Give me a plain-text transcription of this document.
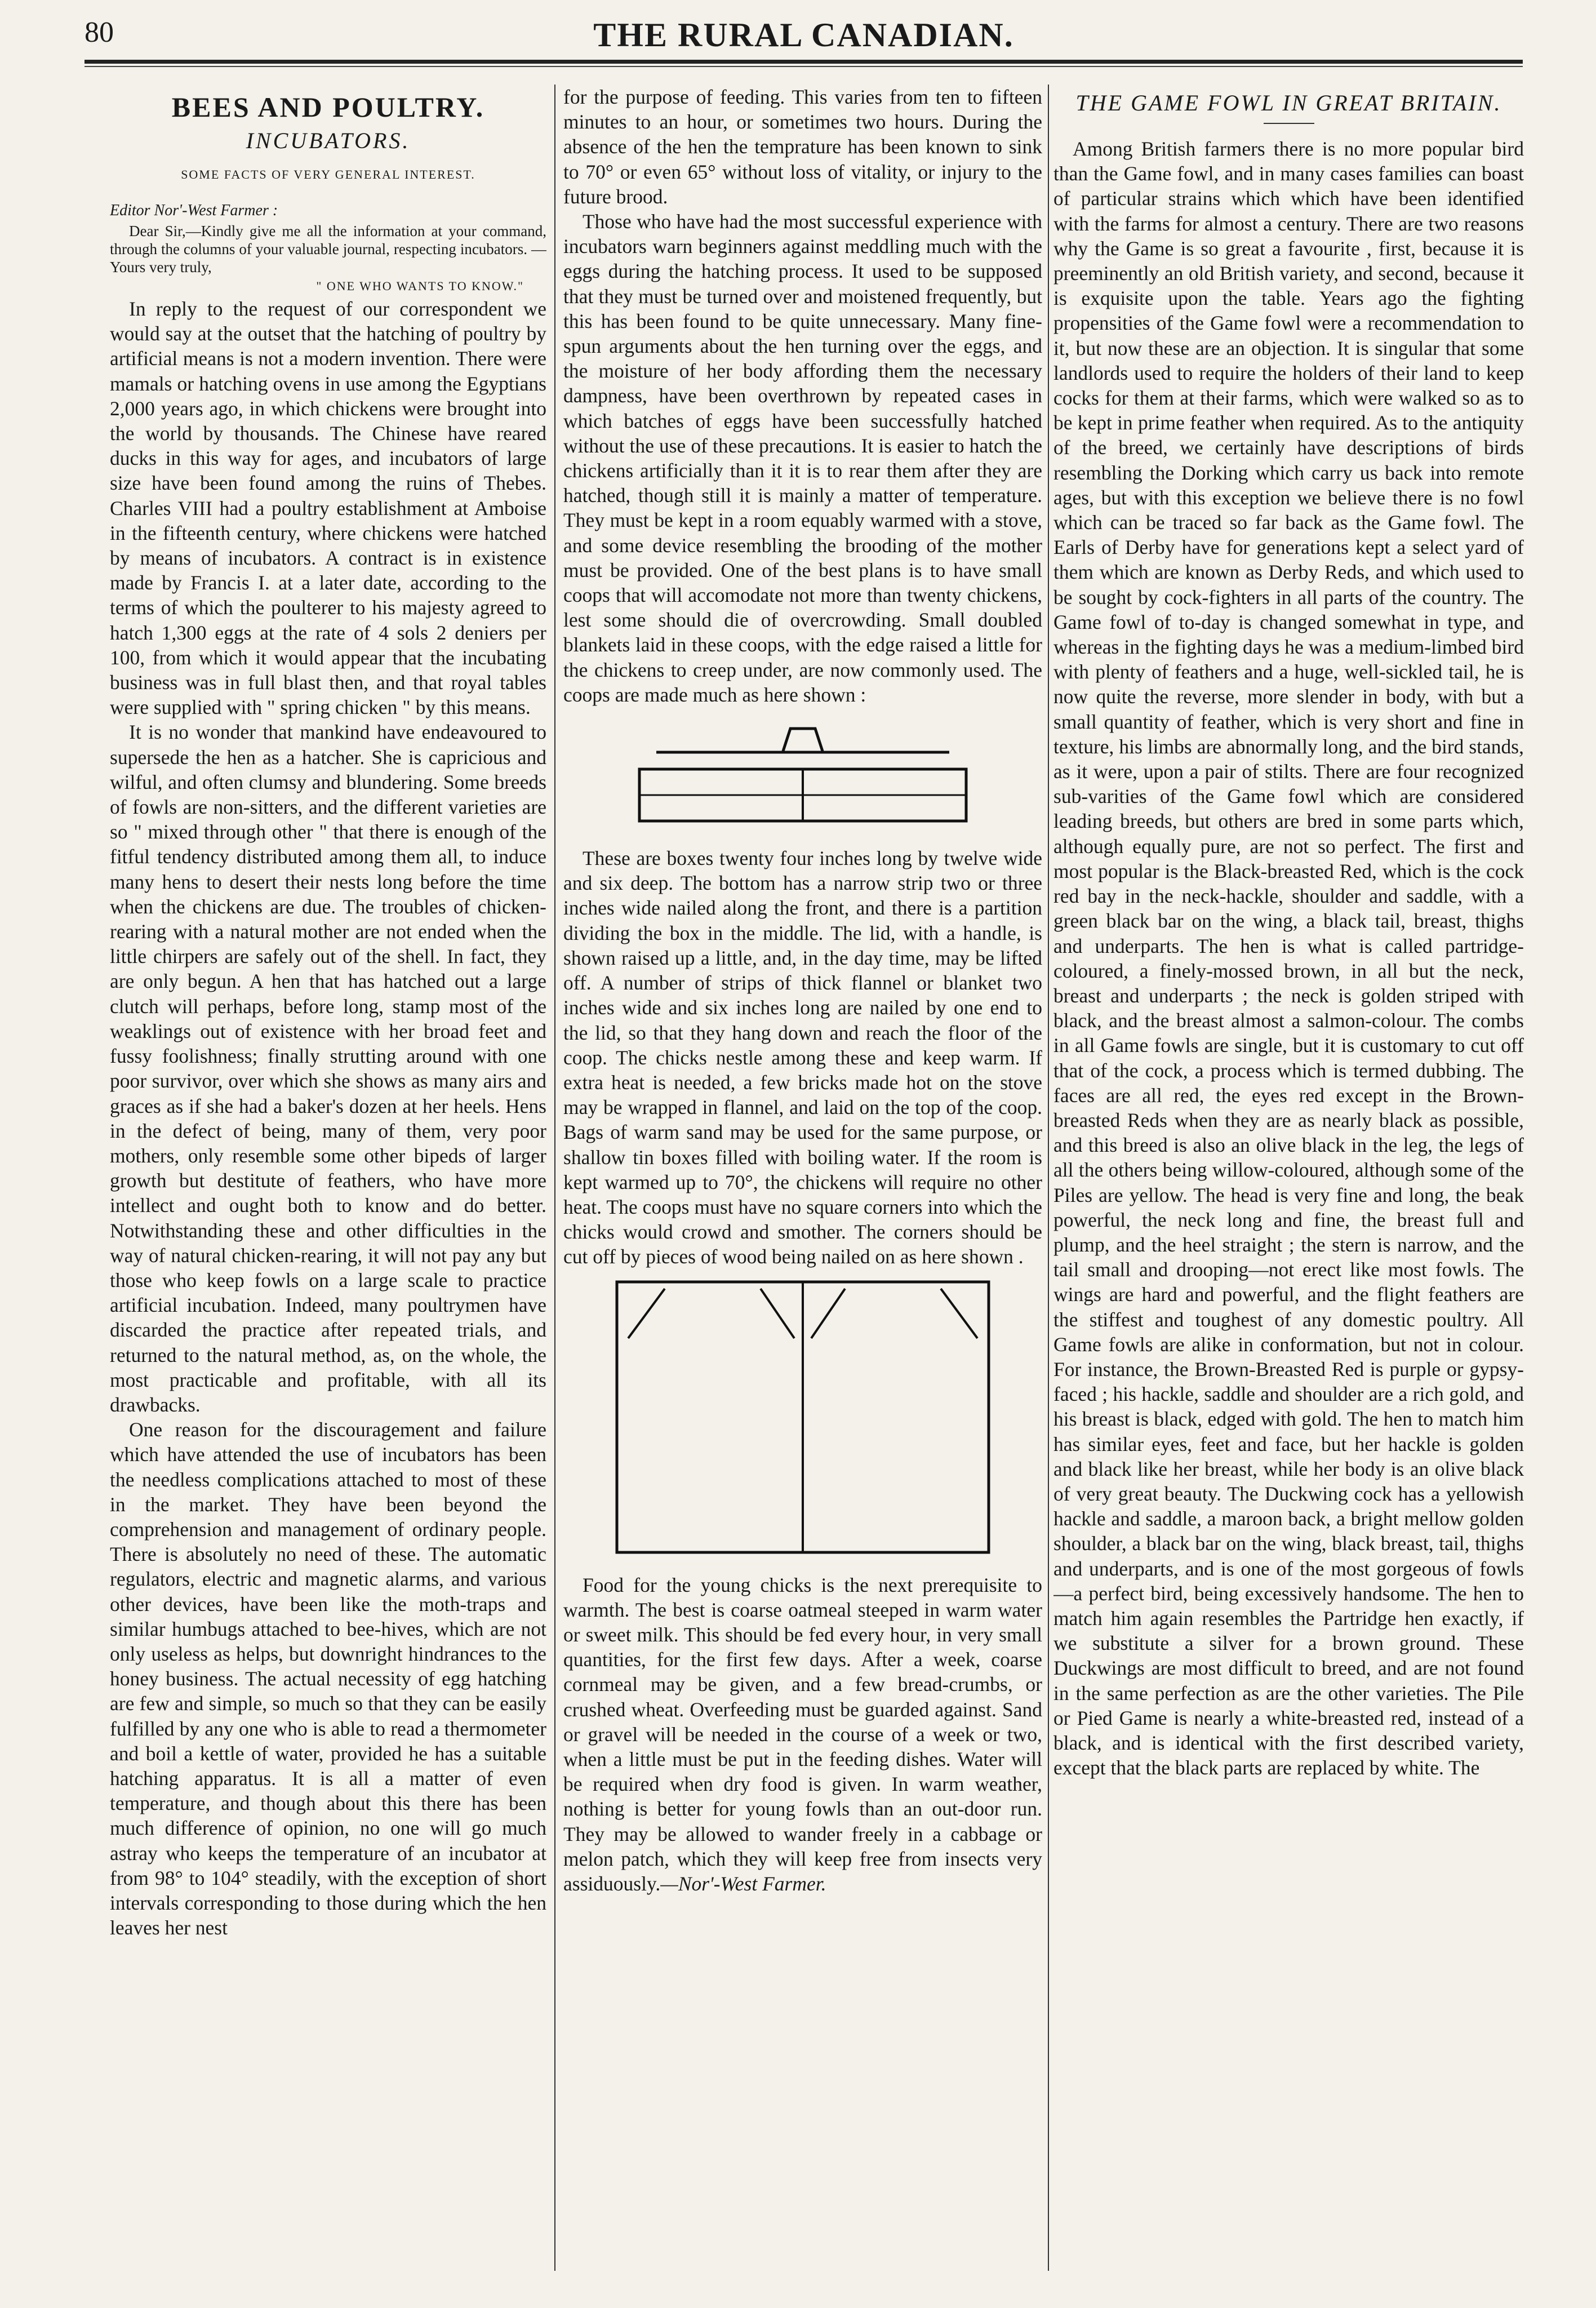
80	THE RURAL CANADIAN.
BEES AND POULTRY.
INCUBATORS.
SOME FACTS OF VERY GENERAL INTEREST.

Editor Nor'-West Farmer :

Dear Sir,—Kindly give me all the information at your command, through the columns of your valuable journal, respecting incubators. —Yours very truly,

" ONE WHO WANTS TO KNOW."

In reply to the request of our correspondent we would say at the outset that the hatching of poultry by artificial means is not a modern invention. There were mamals or hatching ovens in use among the Egyptians 2,000 years ago, in which chickens were brought into the world by thousands. The Chinese have reared ducks in this way for ages, and incubators of large size have been found among the ruins of Thebes. Charles VIII had a poultry establishment at Amboise in the fifteenth century, where chickens were hatched by means of incubators. A contract is in existence made by Francis I. at a later date, according to the terms of which the poulterer to his majesty agreed to hatch 1,300 eggs at the rate of 4 sols 2 deniers per 100, from which it would appear that the incubating business was in full blast then, and that royal tables were supplied with " spring chicken " by this means.

It is no wonder that mankind have endeavoured to supersede the hen as a hatcher. She is capricious and wilful, and often clumsy and blundering. Some breeds of fowls are non-sitters, and the different varieties are so " mixed through other " that there is enough of the fitful tendency distributed among them all, to induce many hens to desert their nests long before the time when the chickens are due. The troubles of chicken-rearing with a natural mother are not ended when the little chirpers are safely out of the shell. In fact, they are only begun. A hen that has hatched out a large clutch will perhaps, before long, stamp most of the weaklings out of existence with her broad feet and fussy foolishness; finally strutting around with one poor survivor, over which she shows as many airs and graces as if she had a baker's dozen at her heels. Hens in the defect of being, many of them, very poor mothers, only resemble some other bipeds of larger growth but destitute of feathers, who have more intellect and ought both to know and do better. Notwithstanding these and other difficulties in the way of natural chicken-rearing, it will not pay any but those who keep fowls on a large scale to practice artificial incubation. Indeed, many poultrymen have discarded the practice after repeated trials, and returned to the natural method, as, on the whole, the most practicable and profitable, with all its drawbacks.

One reason for the discouragement and failure which have attended the use of incubators has been the needless complications attached to most of these in the market. They have been beyond the comprehension and management of ordinary people. There is absolutely no need of these. The automatic regulators, electric and magnetic alarms, and various other devices, have been like the moth-traps and similar humbugs attached to bee-hives, which are not only useless as helps, but downright hindrances to the honey business. The actual necessity of egg hatching are few and simple, so much so that they can be easily fulfilled by any one who is able to read a thermometer and boil a kettle of water, provided he has a suitable hatching apparatus. It is all a matter of even temperature, and though about this there has been much difference of opinion, no one will go much astray who keeps the temperature of an incubator at from 98° to 104° steadily, with the exception of short intervals corresponding to those during which the hen leaves her nest

for the purpose of feeding. This varies from ten to fifteen minutes to an hour, or sometimes two hours. During the absence of the hen the temprature has been known to sink to 70° or even 65° without loss of vitality, or injury to the future brood.

Those who have had the most successful experience with incubators warn beginners against meddling much with the eggs during the hatching process. It used to be supposed that they must be turned over and moistened frequently, but this has been found to be quite unnecessary. Many fine-spun arguments about the hen turning over the eggs, and the moisture of her body affording them the necessary dampness, have been overthrown by repeated cases in which batches of eggs have been successfully hatched without the use of these precautions. It is easier to hatch the chickens artificially than it it is to rear them after they are hatched, though still it is mainly a matter of temperature. They must be kept in a room equably warmed with a stove, and some device resembling the brooding of the mother must be provided. One of the best plans is to have small coops that will accomodate not more than twenty chickens, lest some should die of overcrowding. Small doubled blankets laid in these coops, with the edge raised a little for the chickens to creep under, are now commonly used. The coops are made much as here shown :

These are boxes twenty four inches long by twelve wide and six deep. The bottom has a narrow strip two or three inches wide nailed along the front, and there is a partition dividing the box in the middle. The lid, with a handle, is shown raised up a little, and, in the day time, may be lifted off. A number of strips of thick flannel or blanket two inches wide and six inches long are nailed by one end to the lid, so that they hang down and reach the floor of the coop. The chicks nestle among these and keep warm. If extra heat is needed, a few bricks made hot on the stove may be wrapped in flannel, and laid on the top of the coop. Bags of warm sand may be used for the same purpose, or shallow tin boxes filled with boiling water. If the room is kept warmed up to 70°, the chickens will require no other heat. The coops must have no square corners into which the chicks would crowd and smother. The corners should be cut off by pieces of wood being nailed on as here shown .

Food for the young chicks is the next prerequisite to warmth. The best is coarse oatmeal steeped in warm water or sweet milk. This should be fed every hour, in very small quantities, for the first few days. After a week, coarse cornmeal may be given, and a few bread-crumbs, or crushed wheat. Overfeeding must be guarded against. Sand or gravel will be needed in the course of a week or two, when a little must be put in the feeding dishes. Water will be required when dry food is given. In warm weather, nothing is better for young fowls than an out-door run. They may be allowed to wander freely in a cabbage or melon patch, which they will keep free from insects very assiduously.—Nor'-West Farmer.

THE GAME FOWL IN GREAT BRITAIN.

Among British farmers there is no more popular bird than the Game fowl, and in many cases families can boast of particular strains which which have been identified with the farms for almost a century. There are two reasons why the Game is so great a favourite , first, because it is preeminently an old British variety, and second, because it is exquisite upon the table. Years ago the fighting propensities of the Game fowl were a recommendation to it, but now these are an objection. It is singular that some landlords used to require the holders of their land to keep cocks for them at their farms, which were walked so as to be kept in prime feather when required. As to the antiquity of the breed, we certainly have descriptions of birds resembling the Dorking which carry us back into remote ages, but with this exception we believe there is no fowl which can be traced so far back as the Game fowl. The Earls of Derby have for generations kept a select yard of them which are known as Derby Reds, and which used to be sought by cock-fighters in all parts of the country. The Game fowl of to-day is changed somewhat in type, and whereas in the fighting days he was a medium-limbed bird with plenty of feathers and a huge, well-sickled tail, he is now quite the reverse, more slender in body, with but a small quantity of feather, which is very short and fine in texture, his limbs are abnormally long, and the bird stands, as it were, upon a pair of stilts. There are four recognized sub-varities of the Game fowl which are considered leading breeds, but others are bred in some parts which, although equally pure, are not so perfect. The first and most popular is the Black-breasted Red, which is the cock red bay in the neck-hackle, shoulder and saddle, with a green black bar on the wing, a black tail, breast, thighs and underparts. The hen is what is called partridge-coloured, a finely-mossed brown, in all but the neck, breast and underparts ; the neck is golden striped with black, and the breast almost a salmon-colour. The combs in all Game fowls are single, but it is customary to cut off that of the cock, a process which is termed dubbing. The faces are all red, the eyes red except in the Brown-breasted Reds when they are as nearly black as possible, and this breed is also an olive black in the leg, the legs of all the others being willow-coloured, although some of the Piles are yellow. The head is very fine and long, the beak powerful, the neck long and fine, the breast full and plump, and the heel straight ; the stern is narrow, and the tail small and drooping—not erect like most fowls. The wings are hard and powerful, and the flight feathers are the stiffest and toughest of any domestic poultry. All Game fowls are alike in conformation, but not in colour. For instance, the Brown-Breasted Red is purple or gypsy-faced ; his hackle, saddle and shoulder are a rich gold, and his breast is black, edged with gold. The hen to match him has similar eyes, feet and face, but her hackle is golden and black like her breast, while her body is an olive black of very great beauty. The Duckwing cock has a yellowish hackle and saddle, a maroon back, a bright mellow golden shoulder, a black bar on the wing, black breast, tail, thighs and underparts, and is one of the most gorgeous of fowls—a perfect bird, being excessively handsome. The hen to match him again resembles the Partridge hen exactly, if we substitute a silver for a brown ground. These Duckwings are most difficult to breed, and are not found in the same perfection as are the other varieties. The Pile or Pied Game is nearly a white-breasted red, instead of a black, and is identical with the first described variety, except that the black parts are replaced by white. The
